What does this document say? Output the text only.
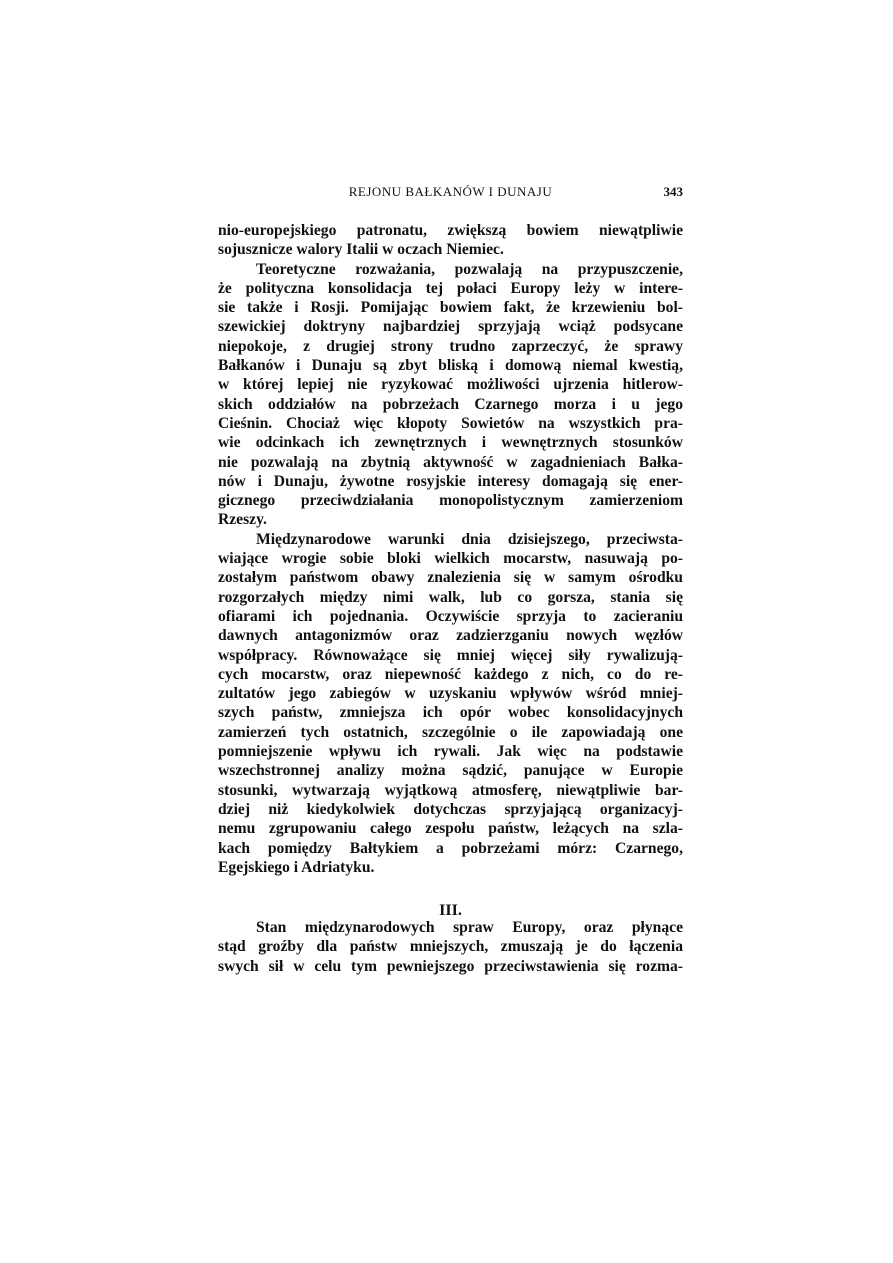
REJONU BAŁKANÓW I DUNAJU	343
nio-europejskiego patronatu, zwiększą bowiem niewątpliwie
sojusznicze walory Italii w oczach Niemiec.
Teoretyczne rozważania, pozwalają na przypuszczenie,
że polityczna konsolidacja tej połaci Europy leży w intere-
sie także i Rosji. Pomijając bowiem fakt, że krzewieniu bol-
szewickiej doktryny najbardziej sprzyjają wciąż podsycane
niepokoje, z drugiej strony trudno zaprzeczyć, że sprawy
Bałkanów i Dunaju są zbyt bliską i domową niemal kwestią,
w której lepiej nie ryzykować możliwości ujrzenia hitlerow-
skich oddziałów na pobrzeżach Czarnego morza i u jego
Cieśnin. Chociaż więc kłopoty Sowietów na wszystkich pra-
wie odcinkach ich zewnętrznych i wewnętrznych stosunków
nie pozwalają na zbytnią aktywność w zagadnieniach Bałka-
nów i Dunaju, żywotne rosyjskie interesy domagają się ener-
gicznego przeciwdziałania monopolistycznym zamierzeniom
Rzeszy.
Międzynarodowe warunki dnia dzisiejszego, przeciwsta-
wiające wrogie sobie bloki wielkich mocarstw, nasuwają po-
zostałym państwom obawy znalezienia się w samym ośrodku
rozgorzałych między nimi walk, lub co gorsza, stania się
ofiarami ich pojednania. Oczywiście sprzyja to zacieraniu
dawnych antagonizmów oraz zadzierzganiu nowych węzłów
współpracy. Równoważące się mniej więcej siły rywalizują-
cych mocarstw, oraz niepewność każdego z nich, co do re-
zultatów jego zabiegów w uzyskaniu wpływów wśród mniej-
szych państw, zmniejsza ich opór wobec konsolidacyjnych
zamierzeń tych ostatnich, szczególnie o ile zapowiadają one
pomniejszenie wpływu ich rywali. Jak więc na podstawie
wszechstronnej analizy można sądzić, panujące w Europie
stosunki, wytwarzają wyjątkową atmosferę, niewątpliwie bar-
dziej niż kiedykolwiek dotychczas sprzyjającą organizacyj-
nemu zgrupowaniu całego zespołu państw, leżących na szla-
kach pomiędzy Bałtykiem a pobrzeżami mórz: Czarnego,
Egejskiego i Adriatyku.
III.
Stan międzynarodowych spraw Europy, oraz płynące
stąd groźby dla państw mniejszych, zmuszają je do łączenia
swych sił w celu tym pewniejszego przeciwstawienia się rozma-
